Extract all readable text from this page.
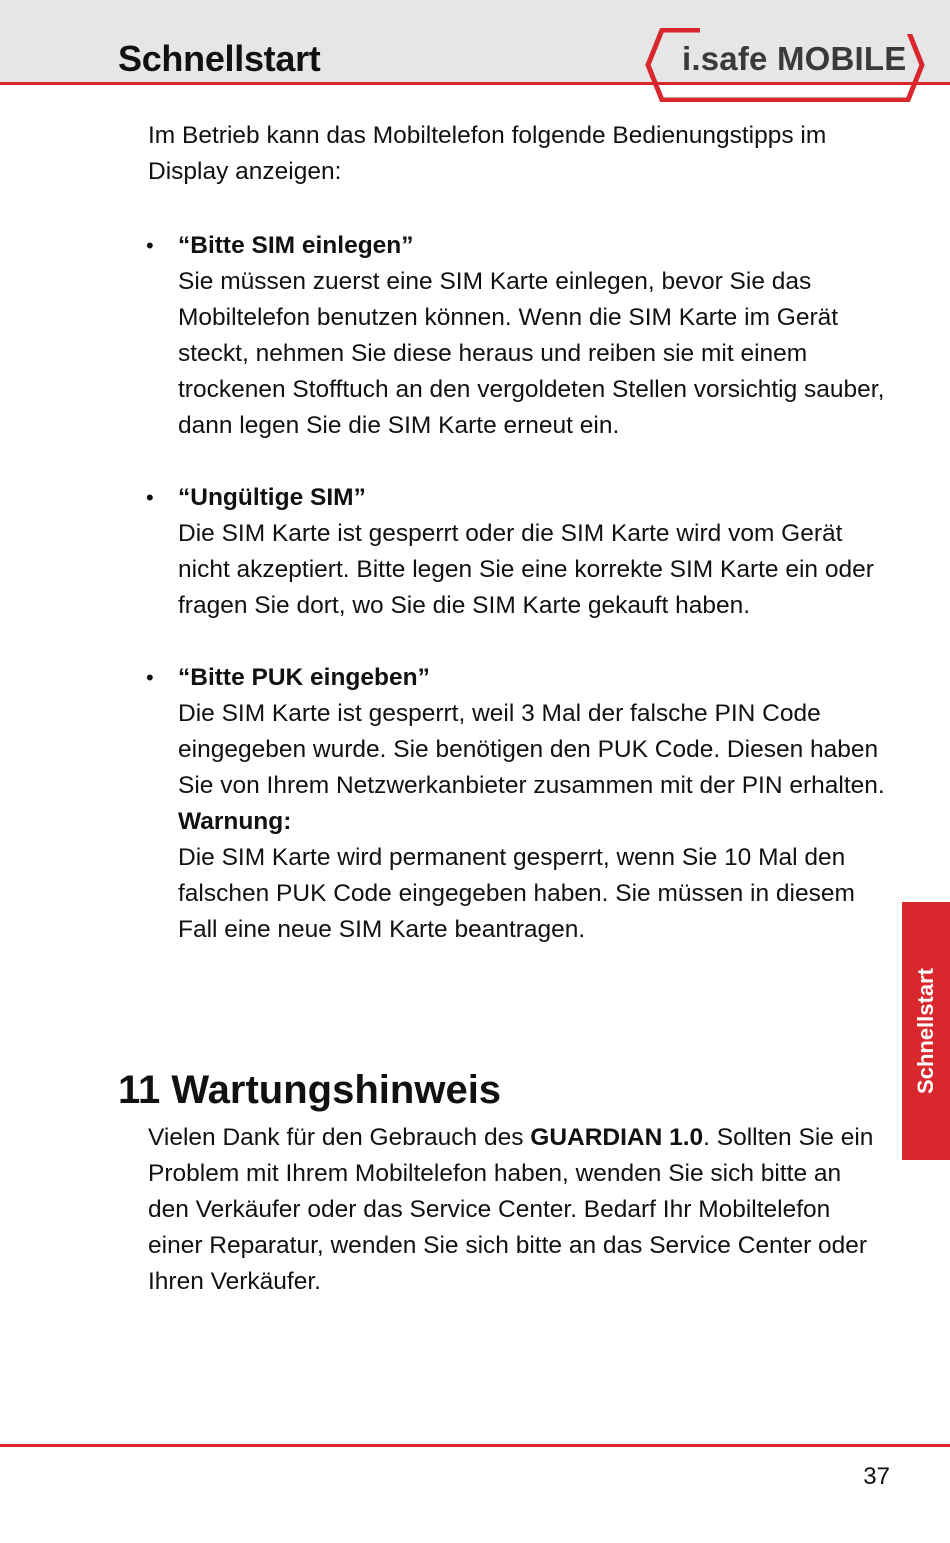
Schnellstart	i.safe MOBILE

Im Betrieb kann das Mobiltelefon folgende Bedienungstipps im Display anzeigen:

• “Bitte SIM einlegen”
Sie müssen zuerst eine SIM Karte einlegen, bevor Sie das Mobiltelefon benutzen können. Wenn die SIM Karte im Gerät steckt, nehmen Sie diese heraus und reiben sie mit einem trockenen Stofftuch an den vergoldeten Stellen vorsichtig sauber, dann legen Sie die SIM Karte erneut ein.
• “Ungültige SIM”
Die SIM Karte ist gesperrt oder die SIM Karte wird vom Gerät nicht akzeptiert. Bitte legen Sie eine korrekte SIM Karte ein oder fragen Sie dort, wo Sie die SIM Karte gekauft haben.
• “Bitte PUK eingeben”
Die SIM Karte ist gesperrt, weil 3 Mal der falsche PIN Code eingegeben wurde. Sie benötigen den PUK Code. Diesen haben Sie von Ihrem Netzwerkanbieter zusammen mit der PIN erhalten.
Warnung:
Die SIM Karte wird permanent gesperrt, wenn Sie 10 Mal den falschen PUK Code eingegeben haben. Sie müssen in diesem Fall eine neue SIM Karte beantragen.
11 Wartungshinweis

Vielen Dank für den Gebrauch des GUARDIAN 1.0. Sollten Sie ein Problem mit Ihrem Mobiltelefon haben, wenden Sie sich bitte an den Verkäufer oder das Service Center. Bedarf Ihr Mobiltelefon einer Reparatur, wenden Sie sich bitte an das Service Center oder Ihren Verkäufer.

Schnellstart
37
